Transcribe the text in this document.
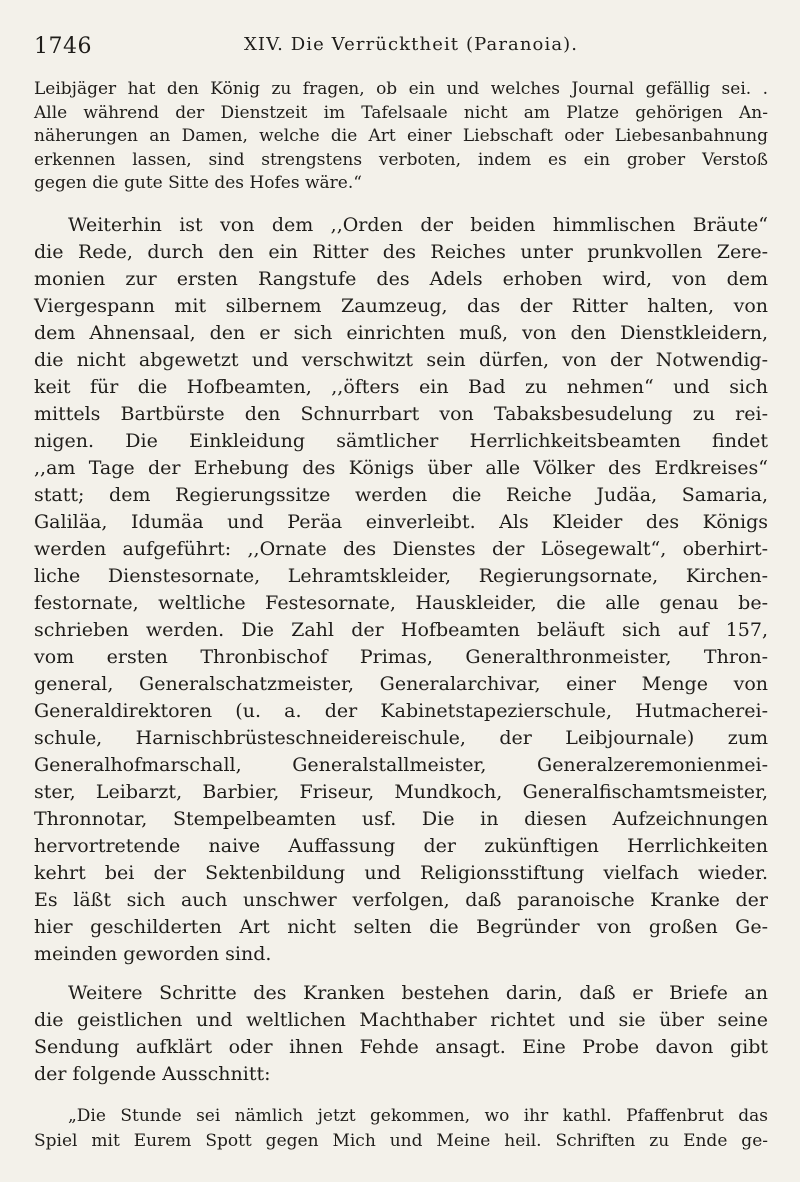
1746	XIV. Die Verrücktheit (Paranoia).
Leibjäger hat den König zu fragen, ob ein und welches Journal gefällig sei. .
Alle während der Dienstzeit im Tafelsaale nicht am Platze gehörigen An-
näherungen an Damen, welche die Art einer Liebschaft oder Liebesanbahnung
erkennen lassen, sind strengstens verboten, indem es ein grober Verstoß
gegen die gute Sitte des Hofes wäre.“
Weiterhin ist von dem ,,Orden der beiden himmlischen Bräute“
die Rede, durch den ein Ritter des Reiches unter prunkvollen Zere-
monien zur ersten Rangstufe des Adels erhoben wird, von dem
Viergespann mit silbernem Zaumzeug, das der Ritter halten, von
dem Ahnensaal, den er sich einrichten muß, von den Dienstkleidern,
die nicht abgewetzt und verschwitzt sein dürfen, von der Notwendig-
keit für die Hofbeamten, ,,öfters ein Bad zu nehmen“ und sich
mittels Bartbürste den Schnurrbart von Tabaksbesudelung zu rei-
nigen. Die Einkleidung sämtlicher Herrlichkeitsbeamten findet
,,am Tage der Erhebung des Königs über alle Völker des Erdkreises“
statt; dem Regierungssitze werden die Reiche Judäa, Samaria,
Galiläa, Idumäa und Peräa einverleibt. Als Kleider des Königs
werden aufgeführt: ,,Ornate des Dienstes der Lösegewalt“, oberhirt-
liche Dienstesornate, Lehramtskleider, Regierungsornate, Kirchen-
festornate, weltliche Festesornate, Hauskleider, die alle genau be-
schrieben werden. Die Zahl der Hofbeamten beläuft sich auf 157,
vom ersten Thronbischof Primas, Generalthronmeister, Thron-
general, Generalschatzmeister, Generalarchivar, einer Menge von
Generaldirektoren (u. a. der Kabinetstapezierschule, Hutmacherei-
schule, Harnischbrüsteschneidereischule, der Leibjournale) zum
Generalhofmarschall, Generalstallmeister, Generalzeremonienmei-
ster, Leibarzt, Barbier, Friseur, Mundkoch, Generalfischamtsmeister,
Thronnotar, Stempelbeamten usf. Die in diesen Aufzeichnungen
hervortretende naive Auffassung der zukünftigen Herrlichkeiten
kehrt bei der Sektenbildung und Religionsstiftung vielfach wieder.
Es läßt sich auch unschwer verfolgen, daß paranoische Kranke der
hier geschilderten Art nicht selten die Begründer von großen Ge-
meinden geworden sind.
Weitere Schritte des Kranken bestehen darin, daß er Briefe an
die geistlichen und weltlichen Machthaber richtet und sie über seine
Sendung aufklärt oder ihnen Fehde ansagt. Eine Probe davon gibt
der folgende Ausschnitt:
„Die Stunde sei nämlich jetzt gekommen, wo ihr kathl. Pfaffenbrut das
Spiel mit Eurem Spott gegen Mich und Meine heil. Schriften zu Ende ge-
